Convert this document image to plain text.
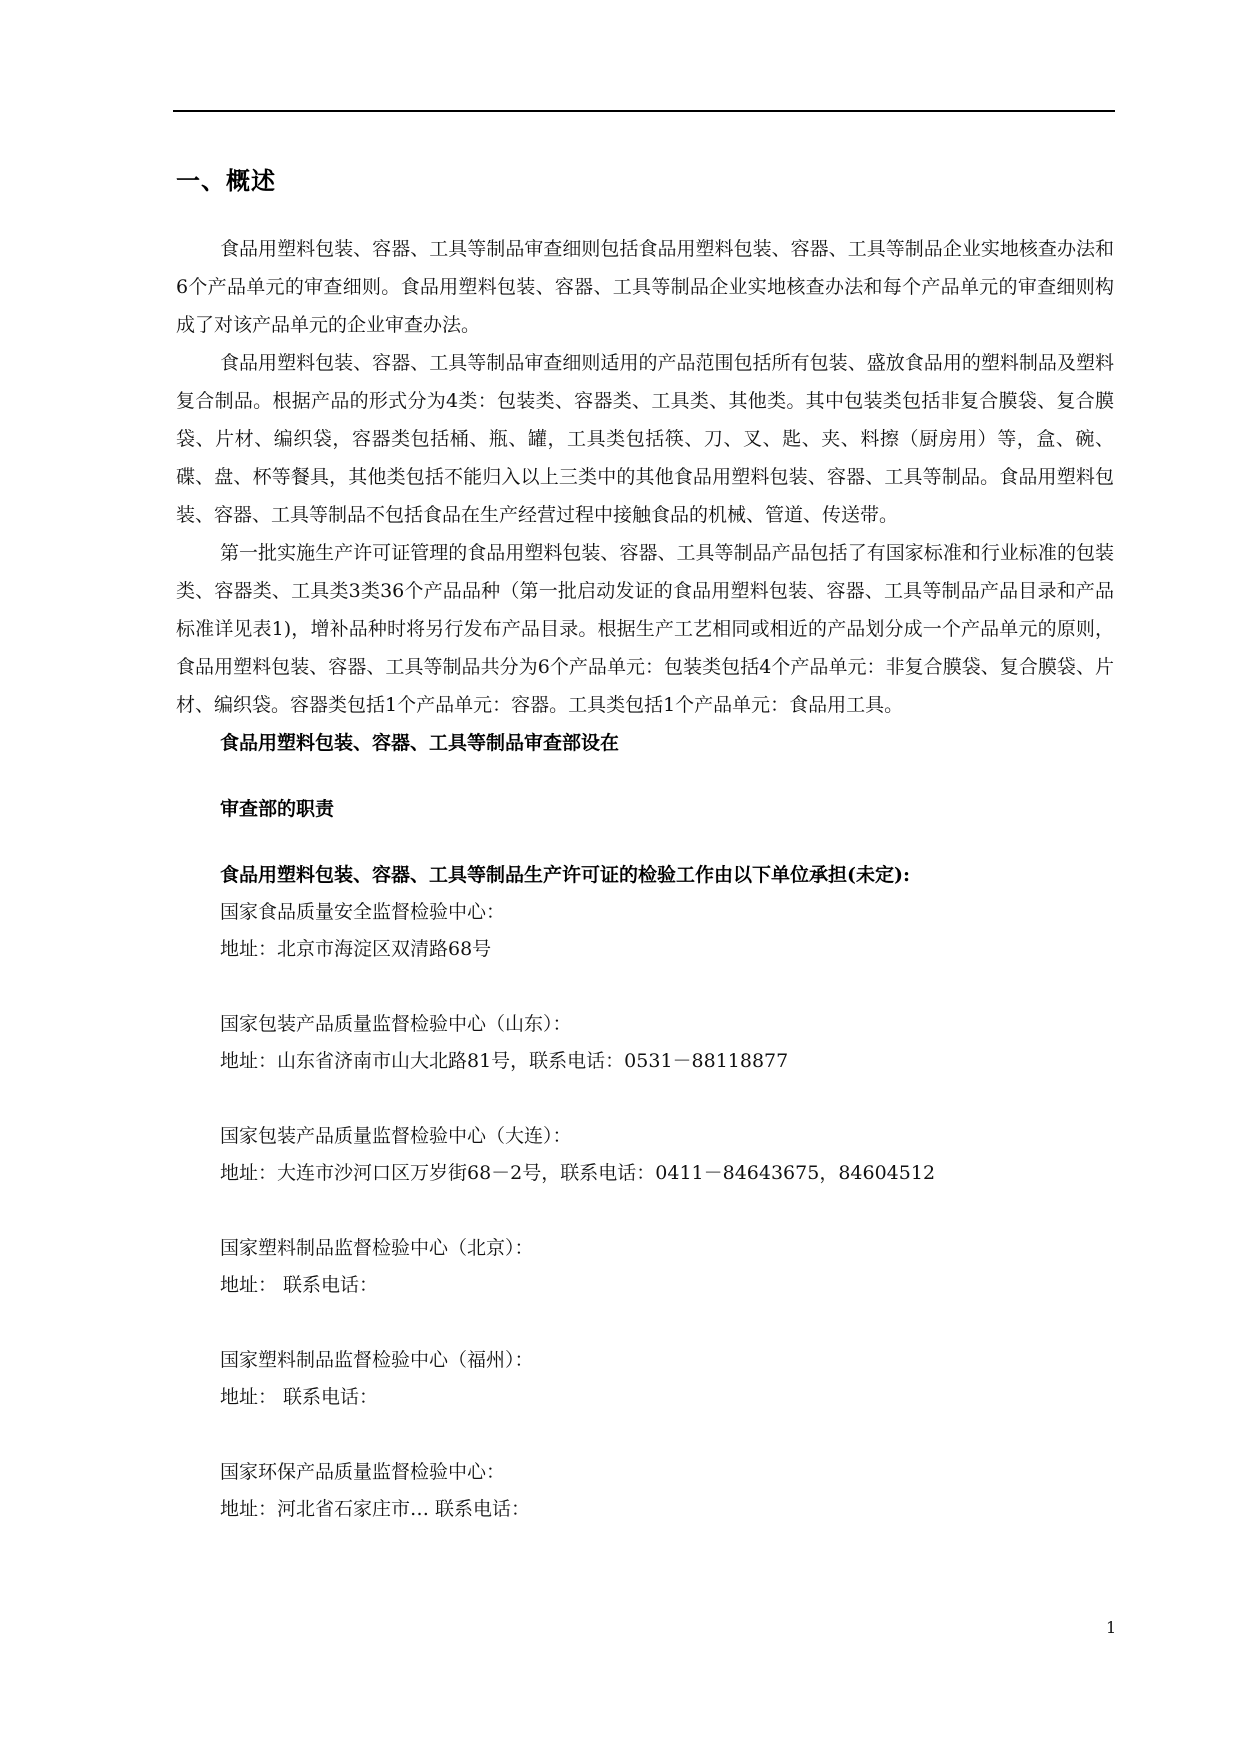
一、概述

食品用塑料包装、容器、工具等制品审查细则包括食品用塑料包装、容器、工具等制品企业实地核查办法和6个产品单元的审查细则。食品用塑料包装、容器、工具等制品企业实地核查办法和每个产品单元的审查细则构成了对该产品单元的企业审查办法。

食品用塑料包装、容器、工具等制品审查细则适用的产品范围包括所有包装、盛放食品用的塑料制品及塑料复合制品。根据产品的形式分为4类：包装类、容器类、工具类、其他类。其中包装类包括非复合膜袋、复合膜袋、片材、编织袋，容器类包括桶、瓶、罐，工具类包括筷、刀、叉、匙、夹、料擦（厨房用）等，盒、碗、碟、盘、杯等餐具，其他类包括不能归入以上三类中的其他食品用塑料包装、容器、工具等制品。食品用塑料包装、容器、工具等制品不包括食品在生产经营过程中接触食品的机械、管道、传送带。

第一批实施生产许可证管理的食品用塑料包装、容器、工具等制品产品包括了有国家标准和行业标准的包装类、容器类、工具类3类36个产品品种（第一批启动发证的食品用塑料包装、容器、工具等制品产品目录和产品标准详见表1)，增补品种时将另行发布产品目录。根据生产工艺相同或相近的产品划分成一个产品单元的原则，食品用塑料包装、容器、工具等制品共分为6个产品单元：包装类包括4个产品单元：非复合膜袋、复合膜袋、片材、编织袋。容器类包括1个产品单元：容器。工具类包括1个产品单元：食品用工具。

食品用塑料包装、容器、工具等制品审查部设在

审查部的职责

食品用塑料包装、容器、工具等制品生产许可证的检验工作由以下单位承担(未定):

国家食品质量安全监督检验中心：

地址：北京市海淀区双清路68号

国家包装产品质量监督检验中心（山东）：

地址：山东省济南市山大北路81号，联系电话：0531－88118877

国家包装产品质量监督检验中心（大连）：

地址：大连市沙河口区万岁街68－2号，联系电话：0411－84643675，84604512

国家塑料制品监督检验中心（北京）：

地址： 联系电话：

国家塑料制品监督检验中心（福州）：

地址： 联系电话：

国家环保产品质量监督检验中心：

地址：河北省石家庄市… 联系电话：

1
